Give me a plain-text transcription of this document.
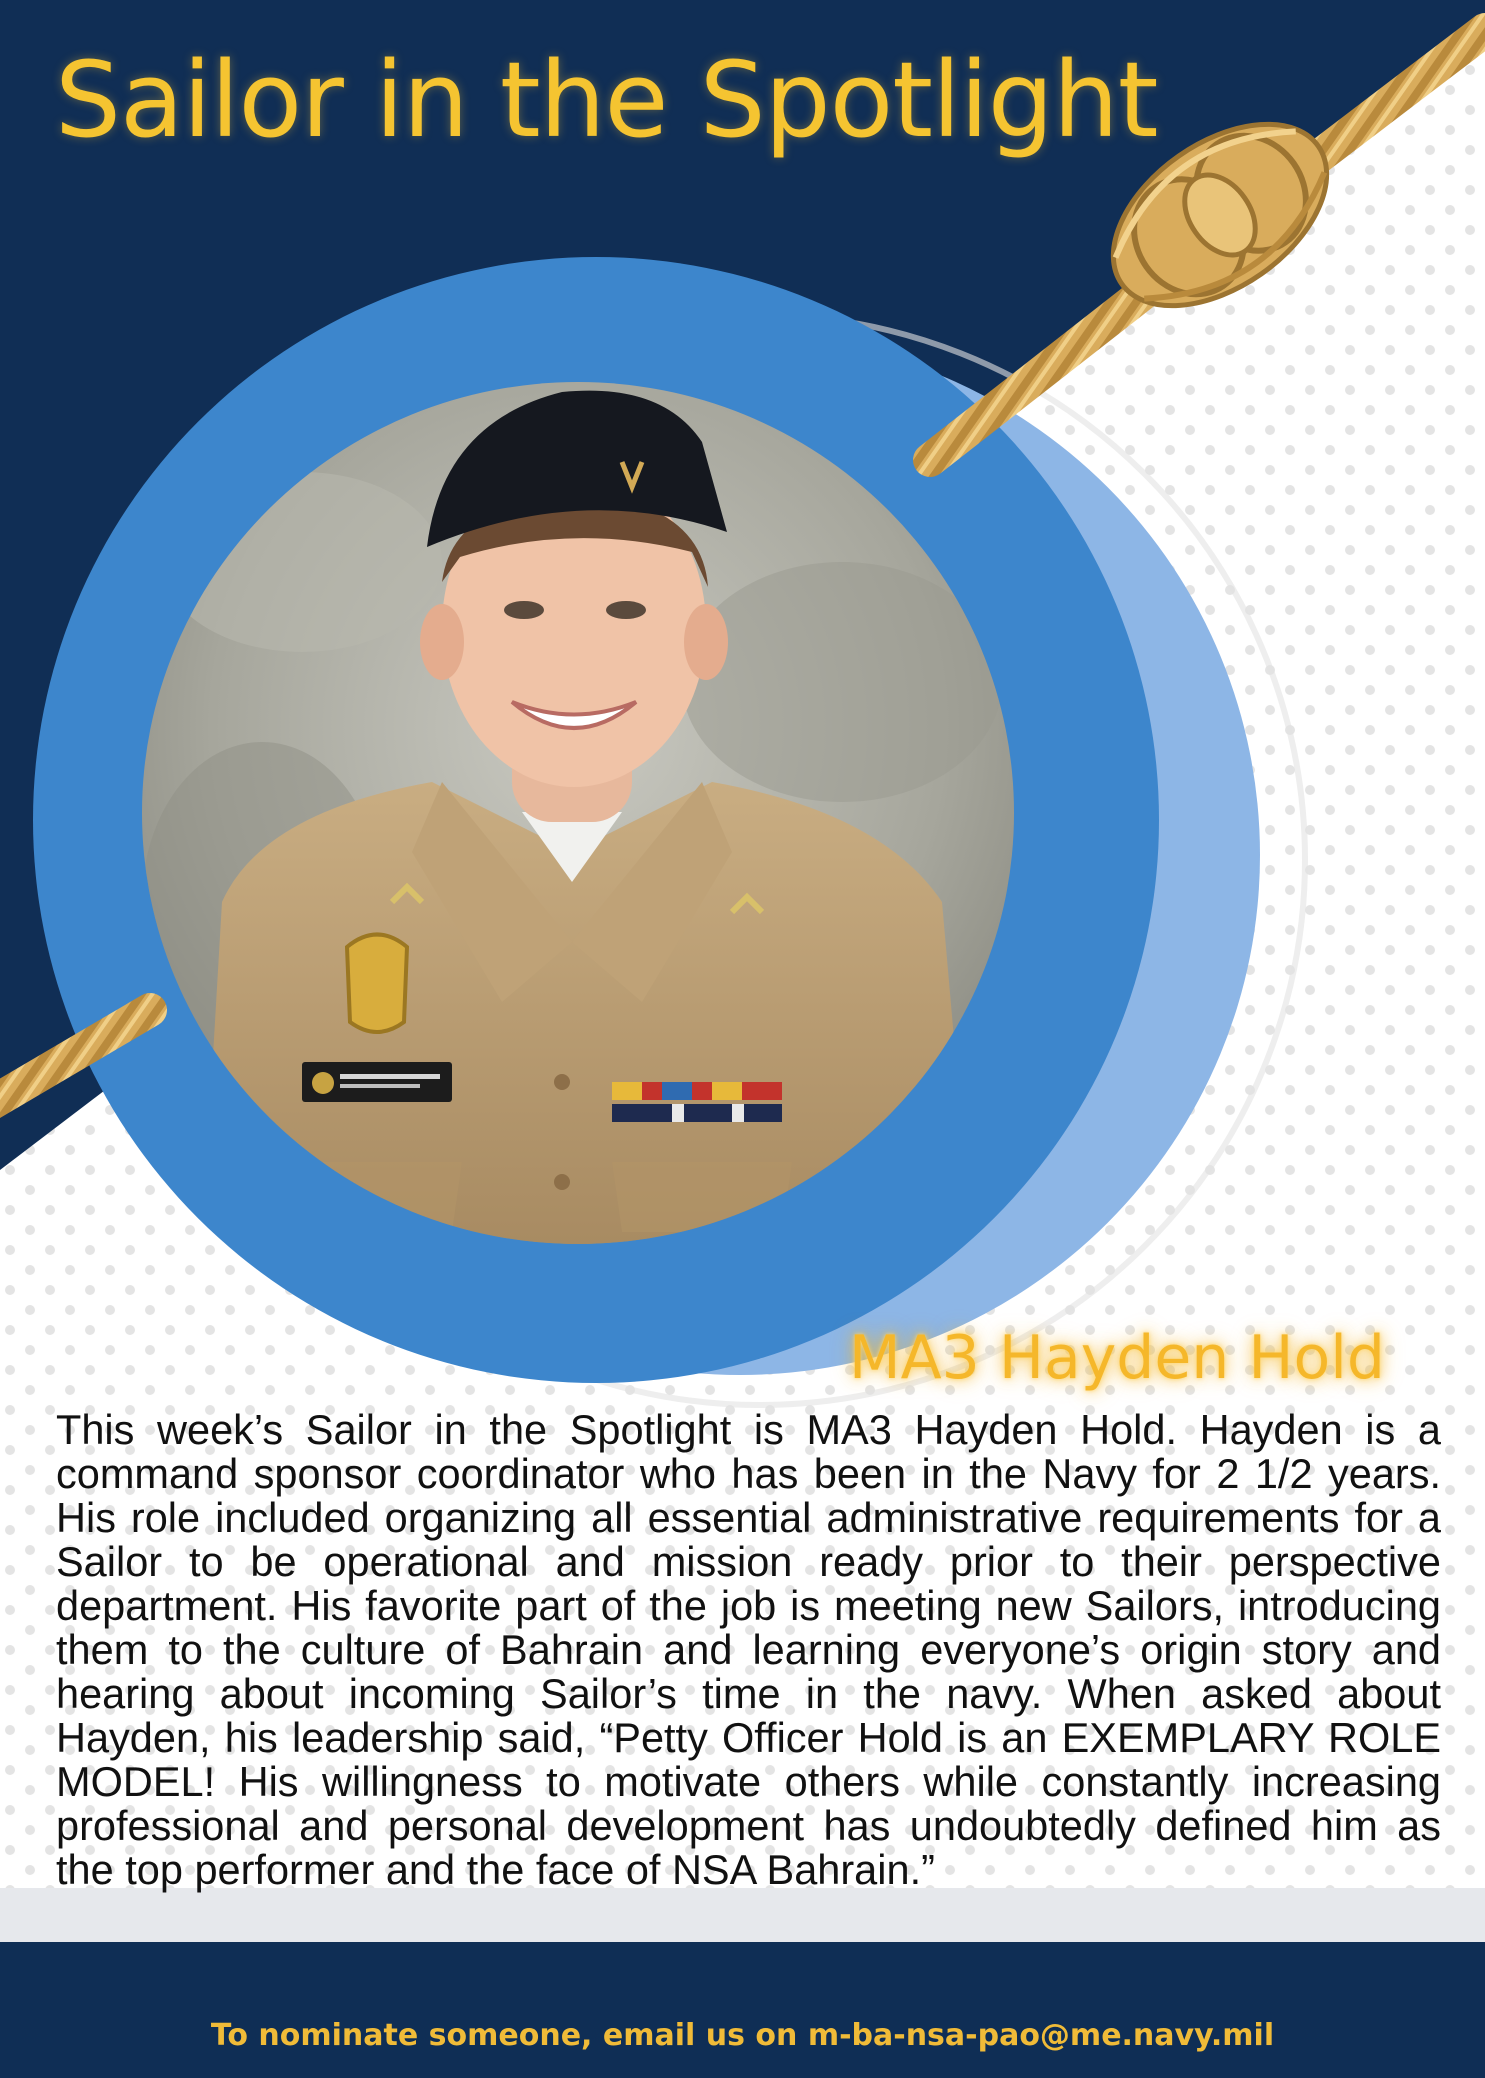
Sailor in the Spotlight
MA3 Hayden Hold

This week’s Sailor in the Spotlight is MA3 Hayden Hold. Hayden is a command sponsor coordinator who has been in the Navy for 2 1/2 years. His role included organizing all essential administrative requirements for a Sailor to be operational and mission ready prior to their perspective department. His favorite part of the job is meeting new Sailors, introducing them to the culture of Bahrain and learning everyone’s origin story and hearing about incoming Sailor’s time in the navy. When asked about Hayden, his leadership said, “Petty Officer Hold is an EXEMPLARY ROLE MODEL! His willingness to motivate others while constantly increasing professional and personal development has undoubtedly defined him as the top performer and the face of NSA Bahrain.”

To nominate someone, email us on m-ba-nsa-pao@me.navy.mil
